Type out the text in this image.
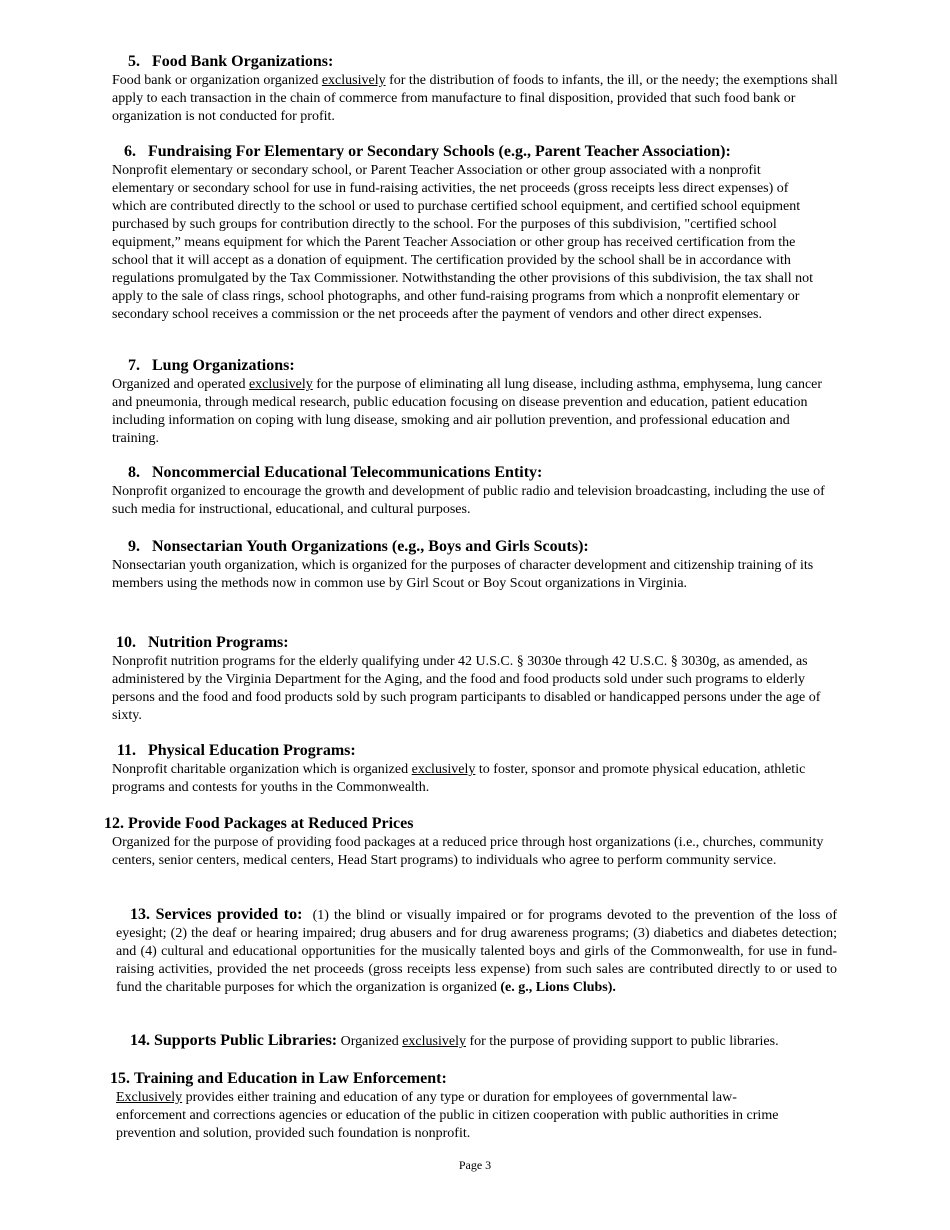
5. Food Bank Organizations:

Food bank or organization organized exclusively for the distribution of foods to infants, the ill, or the needy; the exemptions shall apply to each transaction in the chain of commerce from manufacture to final disposition, provided that such food bank or organization is not conducted for profit.

6. Fundraising For Elementary or Secondary Schools (e.g., Parent Teacher Association):

Nonprofit elementary or secondary school, or Parent Teacher Association or other group associated with a nonprofit elementary or secondary school for use in fund-raising activities, the net proceeds (gross receipts less direct expenses) of which are contributed directly to the school or used to purchase certified school equipment, and certified school equipment purchased by such groups for contribution directly to the school. For the purposes of this subdivision, "certified school equipment,” means equipment for which the Parent Teacher Association or other group has received certification from the school that it will accept as a donation of equipment. The certification provided by the school shall be in accordance with regulations promulgated by the Tax Commissioner. Notwithstanding the other provisions of this subdivision, the tax shall not apply to the sale of class rings, school photographs, and other fund-raising programs from which a nonprofit elementary or secondary school receives a commission or the net proceeds after the payment of vendors and other direct expenses.

7. Lung Organizations:

Organized and operated exclusively for the purpose of eliminating all lung disease, including asthma, emphysema, lung cancer and pneumonia, through medical research, public education focusing on disease prevention and education, patient education including information on coping with lung disease, smoking and air pollution prevention, and professional education and training.

8. Noncommercial Educational Telecommunications Entity:

Nonprofit organized to encourage the growth and development of public radio and television broadcasting, including the use of such media for instructional, educational, and cultural purposes.

9. Nonsectarian Youth Organizations (e.g., Boys and Girls Scouts):

Nonsectarian youth organization, which is organized for the purposes of character development and citizenship training of its members using the methods now in common use by Girl Scout or Boy Scout organizations in Virginia.

10. Nutrition Programs:

Nonprofit nutrition programs for the elderly qualifying under 42 U.S.C. § 3030e through 42 U.S.C. § 3030g, as amended, as administered by the Virginia Department for the Aging, and the food and food products sold under such programs to elderly persons and the food and food products sold by such program participants to disabled or handicapped persons under the age of sixty.

11. Physical Education Programs:

Nonprofit charitable organization which is organized exclusively to foster, sponsor and promote physical education, athletic programs and contests for youths in the Commonwealth.

12. Provide Food Packages at Reduced Prices

Organized for the purpose of providing food packages at a reduced price through host organizations (i.e., churches, community centers, senior centers, medical centers, Head Start programs) to individuals who agree to perform community service.

13. Services provided to: (1) the blind or visually impaired or for programs devoted to the prevention of the loss of eyesight; (2) the deaf or hearing impaired; drug abusers and for drug awareness programs; (3) diabetics and diabetes detection; and (4) cultural and educational opportunities for the musically talented boys and girls of the Commonwealth, for use in fund-raising activities, provided the net proceeds (gross receipts less expense) from such sales are contributed directly to or used to fund the charitable purposes for which the organization is organized (e. g., Lions Clubs).

14. Supports Public Libraries: Organized exclusively for the purpose of providing support to public libraries.

15. Training and Education in Law Enforcement:

Exclusively provides either training and education of any type or duration for employees of governmental law-enforcement and corrections agencies or education of the public in citizen cooperation with public authorities in crime prevention and solution, provided such foundation is nonprofit.

Page 3
